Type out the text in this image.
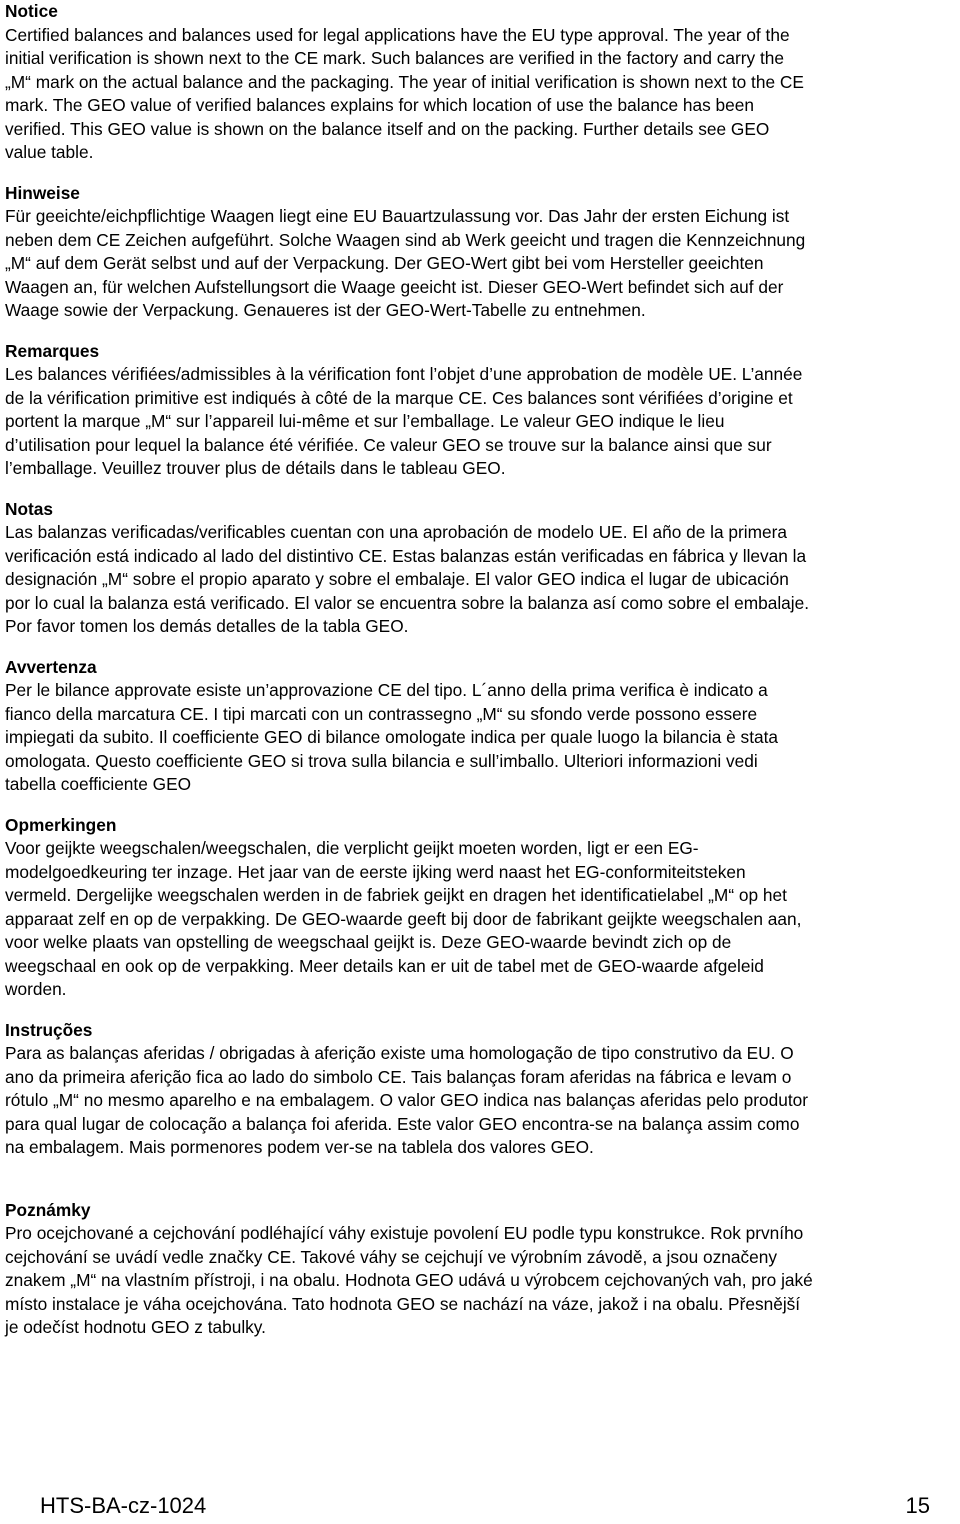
Notice

Certified balances and balances used for legal applications have the EU type approval. The year of the
initial verification is shown next to the CE mark. Such balances are verified in the factory and carry the
„M“ mark on the actual balance and the packaging. The year of initial verification is shown next to the CE
mark. The GEO value of verified balances explains for which location of use the balance has been
verified. This GEO value is shown on the balance itself and on the packing. Further details see GEO
value table.

Hinweise

Für geeichte/eichpflichtige Waagen liegt eine EU Bauartzulassung vor. Das Jahr der ersten Eichung ist
neben dem CE Zeichen aufgeführt. Solche Waagen sind ab Werk geeicht und tragen die Kennzeichnung
„M“ auf dem Gerät selbst und auf der Verpackung. Der GEO-Wert gibt bei vom Hersteller geeichten
Waagen an, für welchen Aufstellungsort die Waage geeicht ist. Dieser GEO-Wert befindet sich auf der
Waage sowie der Verpackung. Genaueres ist der GEO-Wert-Tabelle zu entnehmen.

Remarques

Les balances vérifiées/admissibles à la vérification font l’objet d’une approbation de modèle UE. L’année
de la vérification primitive est indiqués à côté de la marque CE. Ces balances sont vérifiées d’origine et
portent la marque „M“ sur l’appareil lui-même et sur l’emballage. Le valeur GEO indique le lieu
d’utilisation pour lequel la balance été vérifiée. Ce valeur GEO se trouve sur la balance ainsi que sur
l’emballage. Veuillez trouver plus de détails dans le tableau GEO.

Notas

Las balanzas verificadas/verificables cuentan con una aprobación de modelo UE. El año de la primera
verificación está indicado al lado del distintivo CE. Estas balanzas están verificadas en fábrica y llevan la
designación „M“ sobre el propio aparato y sobre el embalaje. El valor GEO indica el lugar de ubicación
por lo cual la balanza está verificado. El valor se encuentra sobre la balanza así como sobre el embalaje.
Por favor tomen los demás detalles de la tabla GEO.

Avvertenza

Per le bilance approvate esiste un’approvazione CE del tipo. L´anno della prima verifica è indicato a
fianco della marcatura CE. I tipi marcati con un contrassegno „M“ su sfondo verde possono essere
impiegati da subito. Il coefficiente GEO di bilance omologate indica per quale luogo la bilancia è stata
omologata. Questo coefficiente GEO si trova sulla bilancia e sull’imballo. Ulteriori informazioni vedi
tabella coefficiente GEO

Opmerkingen

Voor geijkte weegschalen/weegschalen, die verplicht geijkt moeten worden, ligt er een EG-
modelgoedkeuring ter inzage. Het jaar van de eerste ijking werd naast het EG-conformiteitsteken
vermeld. Dergelijke weegschalen werden in de fabriek geijkt en dragen het identificatielabel „M“ op het
apparaat zelf en op de verpakking. De GEO-waarde geeft bij door de fabrikant geijkte weegschalen aan,
voor welke plaats van opstelling de weegschaal geijkt is. Deze GEO-waarde bevindt zich op de
weegschaal en ook op de verpakking. Meer details kan er uit de tabel met de GEO-waarde afgeleid
worden.

Instruções

Para as balanças aferidas / obrigadas à aferição existe uma homologação de tipo construtivo da EU. O
ano da primeira aferição fica ao lado do simbolo CE. Tais balanças foram aferidas na fábrica e levam o
rótulo „M“ no mesmo aparelho e na embalagem. O valor GEO indica nas balanças aferidas pelo produtor
para qual lugar de colocação a balança foi aferida. Este valor GEO encontra-se na balança assim como
na embalagem. Mais pormenores podem ver-se na tablela dos valores GEO.

Poznámky

Pro ocejchované a cejchování podléhající váhy existuje povolení EU podle typu konstrukce. Rok prvního
cejchování se uvádí vedle značky CE. Takové váhy se cejchují ve výrobním závodě, a jsou označeny
znakem „M“ na vlastním přístroji, i na obalu. Hodnota GEO udává u výrobcem cejchovaných vah, pro jaké
místo instalace je váha ocejchována. Tato hodnota GEO se nachází na váze, jakož i na obalu. Přesnější
je odečíst hodnotu GEO z tabulky.

HTS-BA-cz-1024	15
